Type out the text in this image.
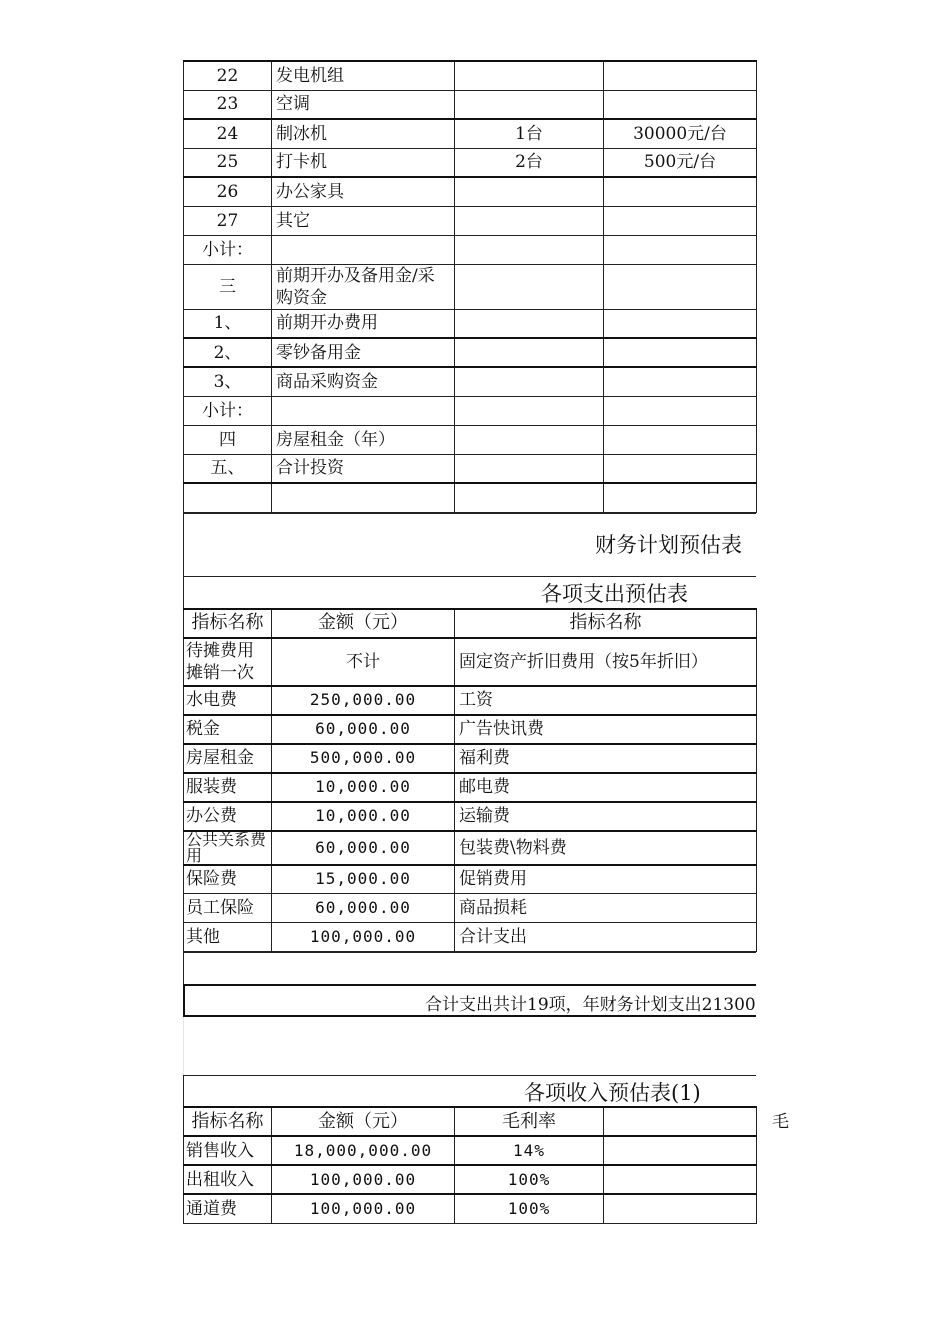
22	发电机组		
23	空调		
24	制冰机	1台	30000元/台
25	打卡机	2台	500元/台
26	办公家具		
27	其它		
小计：			
三	前期开办及备用金/采购资金		
1、	前期开办费用		
2、	零钞备用金		
3、	商品采购资金		
小计：			
四	房屋租金（年）		
五、	合计投资		

财务计划预估表
各项支出预估表
指标名称	金额（元）	指标名称
待摊费用摊销一次	不计	固定资产折旧费用（按5年折旧）
水电费	250,000.00	工资
税金	60,000.00	广告快讯费
房屋租金	500,000.00	福利费
服装费	10,000.00	邮电费
办公费	10,000.00	运输费
公共关系费用	60,000.00	包装费\物料费
保险费	15,000.00	促销费用
员工保险	60,000.00	商品损耗
其他	100,000.00	合计支出
合计支出共计19项，年财务计划支出21300
各项收入预估表(1)
指标名称	金额（元）	毛利率	毛

销售收入	18,000,000.00	14%	
出租收入	100,000.00	100%	
通道费	100,000.00	100%	
